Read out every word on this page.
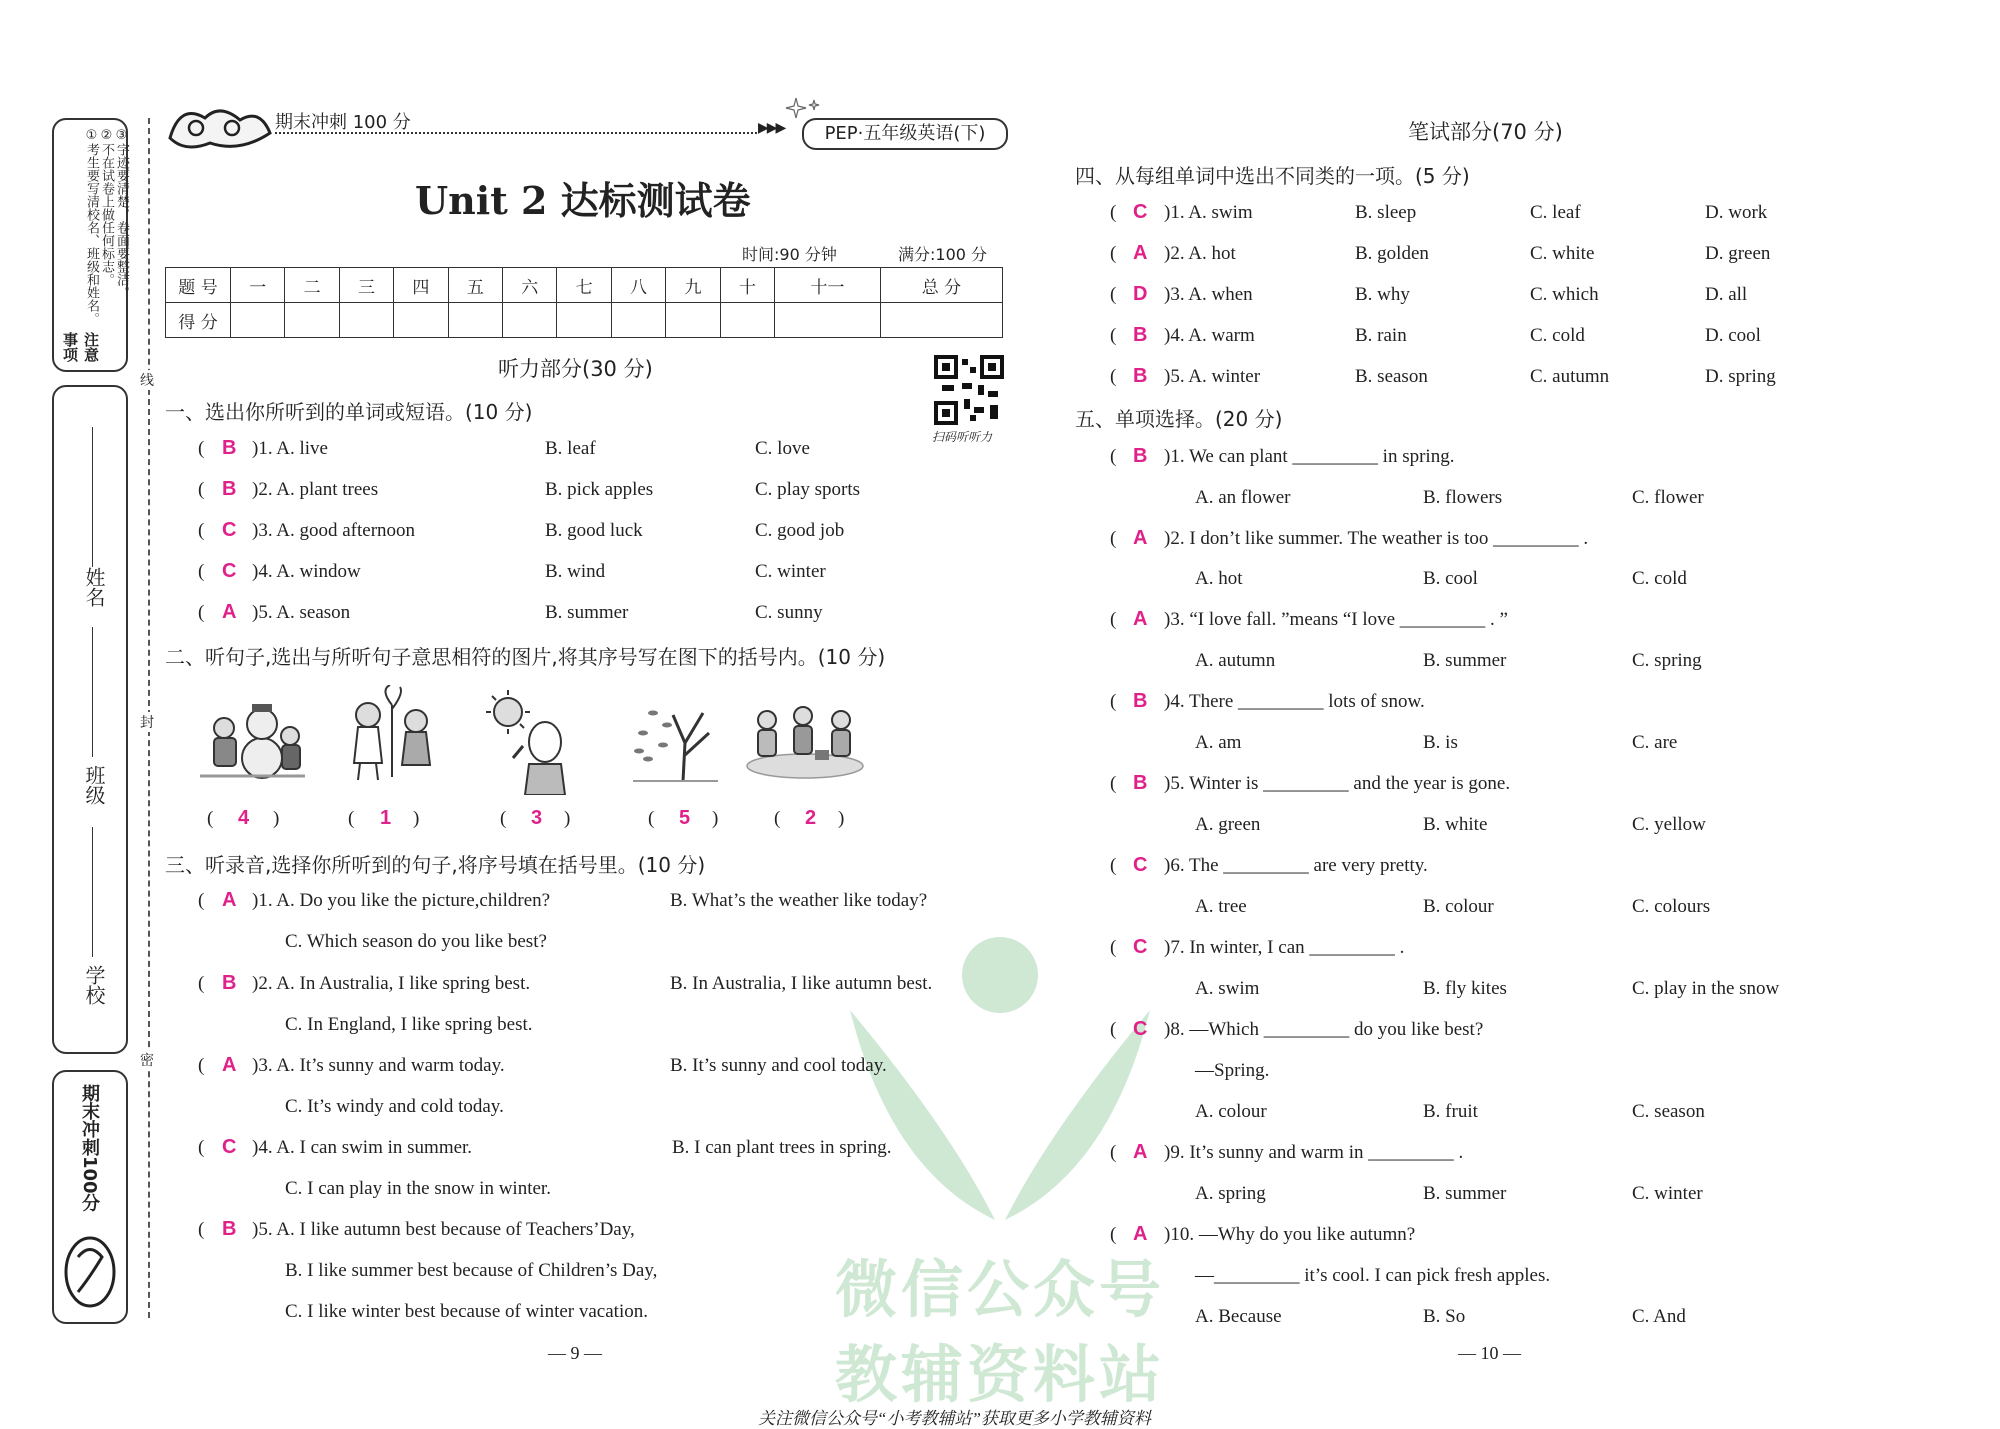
注意事项
①考生要写清校名、班级和姓名。 ②不在试卷上做任何标志。 ③字迹要清楚，卷面要整洁。
姓名
班级
学校
期末冲刺100分
线
封
密
微信公众号
教辅资料站
期末冲刺 100 分	▶▶▶	PEP·五年级英语(下)
Unit 2 达标测试卷
时间:90 分钟	满分:100 分
题 号	一	二	三	四	五	六	七	八	九	十	十一	总 分
得 分												
听力部分(30 分)
扫码听听力
一、选出你所听到的单词或短语。(10 分)
( B )1. A. live	B. leaf	C. love
( B )2. A. plant trees	B. pick apples	C. play sports
( C )3. A. good afternoon	B. good luck	C. good job
( C )4. A. window	B. wind	C. winter
( A )5. A. season	B. summer	C. sunny
二、听句子,选出与所听句子意思相符的图片,将其序号写在图下的括号内。(10 分)
( 4 )	( 1 )	( 3 )	( 5 )	( 2 )
三、听录音,选择你所听到的句子,将序号填在括号里。(10 分)
( A )1. A. Do you like the picture,children?	B. What’s the weather like today?
C. Which season do you like best?
( B )2. A. In Australia, I like spring best.	B. In Australia, I like autumn best.
C. In England, I like spring best.
( A )3. A. It’s sunny and warm today.	B. It’s sunny and cool today.
C. It’s windy and cold today.
( C )4. A. I can swim in summer.	B. I can plant trees in spring.
C. I can play in the snow in winter.
( B )5. A. I like autumn best because of Teachers’Day,
B. I like summer best because of Children’s Day,
C. I like winter best because of winter vacation.
— 9 —
笔试部分(70 分)
四、从每组单词中选出不同类的一项。(5 分)
( C )1. A. swim	B. sleep	C. leaf	D. work
( A )2. A. hot	B. golden	C. white	D. green
( D )3. A. when	B. why	C. which	D. all
( B )4. A. warm	B. rain	C. cold	D. cool
( B )5. A. winter	B. season	C. autumn	D. spring
五、单项选择。(20 分)
( B )1. We can plant _________ in spring.
A. an flower	B. flowers	C. flower
( A )2. I don’t like summer. The weather is too _________ .
A. hot	B. cool	C. cold
( A )3. “I love fall. ”means “I love _________ . ”
A. autumn	B. summer	C. spring
( B )4. There _________ lots of snow.
A. am	B. is	C. are
( B )5. Winter is _________ and the year is gone.
A. green	B. white	C. yellow
( C )6. The _________ are very pretty.
A. tree	B. colour	C. colours
( C )7. In winter, I can _________ .
A. swim	B. fly kites	C. play in the snow
( C )8. —Which _________ do you like best?
—Spring.
A. colour	B. fruit	C. season
( A )9. It’s sunny and warm in _________ .
A. spring	B. summer	C. winter
( A )10. —Why do you like autumn?
—_________ it’s cool. I can pick fresh apples.
A. Because	B. So	C. And
— 10 —
关注微信公众号“小考教辅站”获取更多小学教辅资料
